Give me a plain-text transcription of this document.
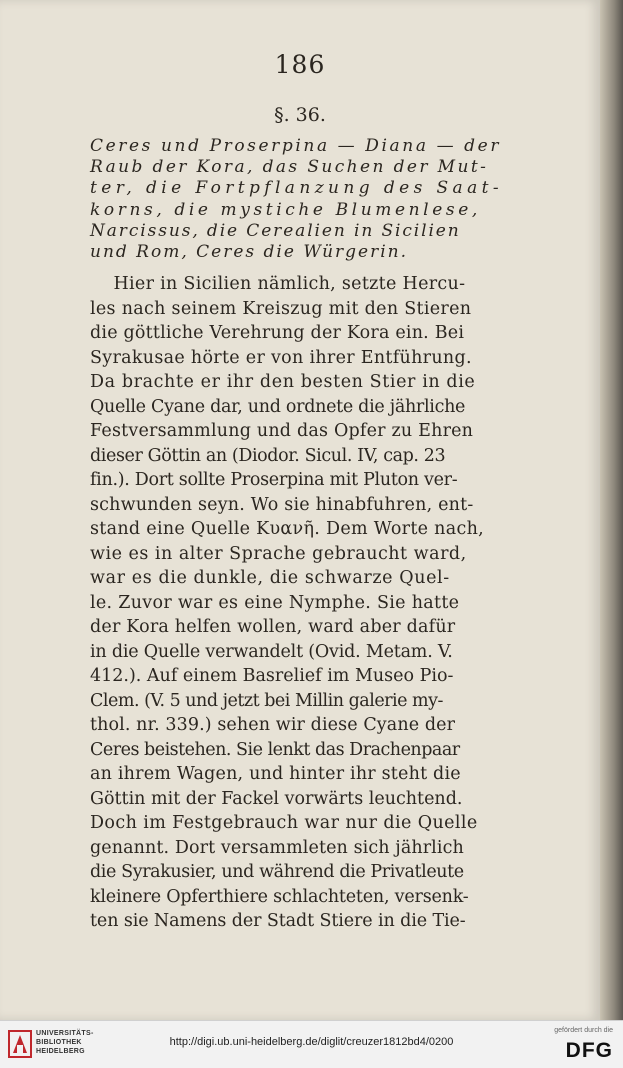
186
§. 36.

Ceres und Proserpina — Diana — der
Raub der Kora, das Suchen der Mut-
ter, die Fortpflanzung des Saat-
korns, die mystiche Blumenlese,
Narcissus, die Cerealien in Sicilien
und Rom, Ceres die Würgerin.

Hier in Sicilien nämlich, setzte Hercu-
les nach seinem Kreiszug mit den Stieren
die göttliche Verehrung der Kora ein. Bei
Syrakusae hörte er von ihrer Entführung.
Da brachte er ihr den besten Stier in die
Quelle Cyane dar, und ordnete die jährliche
Festversammlung und das Opfer zu Ehren
dieser Göttin an (Diodor. Sicul. IV, cap. 23
fin.). Dort sollte Proserpina mit Pluton ver-
schwunden seyn. Wo sie hinabfuhren, ent-
stand eine Quelle Κυανῆ. Dem Worte nach,
wie es in alter Sprache gebraucht ward,
war es die dunkle, die schwarze Quel-
le. Zuvor war es eine Nymphe. Sie hatte
der Kora helfen wollen, ward aber dafür
in die Quelle verwandelt (Ovid. Metam. V.
412.). Auf einem Basrelief im Museo Pio-
Clem. (V. 5 und jetzt bei Millin galerie my-
thol. nr. 339.) sehen wir diese Cyane der
Ceres beistehen. Sie lenkt das Drachenpaar
an ihrem Wagen, und hinter ihr steht die
Göttin mit der Fackel vorwärts leuchtend.
Doch im Festgebrauch war nur die Quelle
genannt. Dort versammleten sich jährlich
die Syrakusier, und während die Privatleute
kleinere Opferthiere schlachteten, versenk-
ten sie Namens der Stadt Stiere in die Tie-

UNIVERSITÄTS-
BIBLIOTHEK
HEIDELBERG
http://digi.ub.uni-heidelberg.de/diglit/creuzer1812bd4/0200
gefördert durch die
DFG
